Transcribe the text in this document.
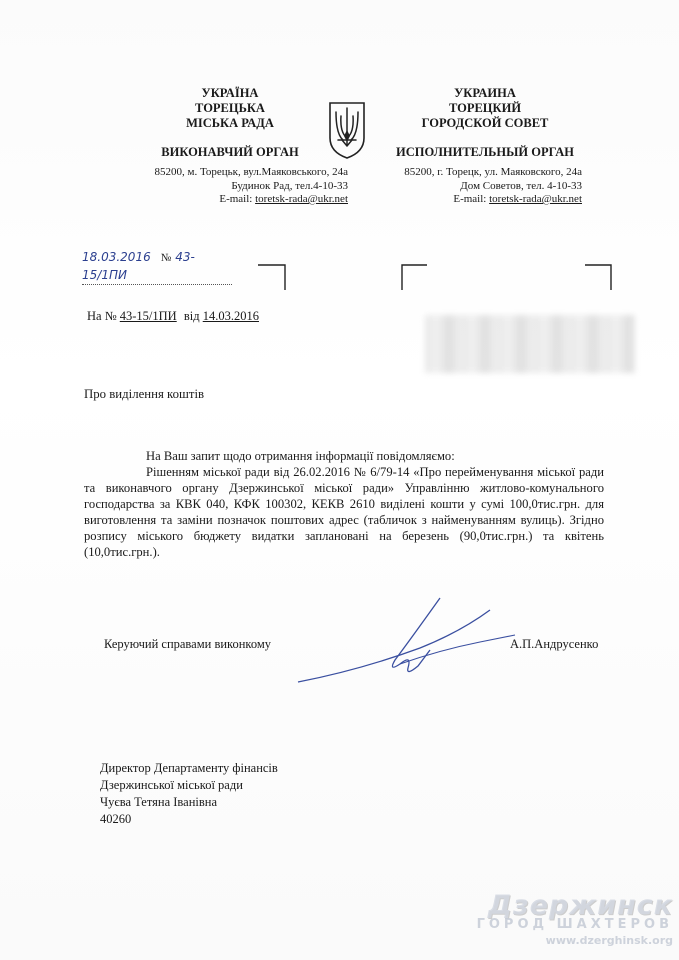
УКРАЇНА
ТОРЕЦЬКА
МІСЬКА РАДА
ВИКОНАВЧИЙ ОРГАН
УКРАИНА
ТОРЕЦКИЙ
ГОРОДСКОЙ СОВЕТ
ИСПОЛНИТЕЛЬНЫЙ ОРГАН
85200, м. Торецьк, вул.Маяковського, 24а
Будинок Рад, тел.4-10-33
E-mail: toretsk-rada@ukr.net
85200, г. Торецк, ул. Маяковского, 24а
Дом Советов, тел. 4-10-33
E-mail: toretsk-rada@ukr.net
18.03.2016 № 43-15/1ПИ
На № 43-15/1ПИ від 14.03.2016
Про виділення коштів

На Ваш запит щодо отримання інформації повідомляємо:

Рішенням міської ради від 26.02.2016 № 6/79-14 «Про перейменування міської ради та виконавчого органу Дзержинської міської ради» Управлінню житлово-комунального господарства за КВК 040, КФК 100302, КЕКВ 2610 виділені кошти у сумі 100,0тис.грн. для виготовлення та заміни позначок поштових адрес (табличок з найменуванням вулиць). Згідно розпису міського бюджету видатки заплановані на березень (90,0тис.грн.) та квітень (10,0тис.грн.).

Керуючий справами виконкому	А.П.Андрусенко
Директор Департаменту фінансів
Дзержинської міської ради
Чуєва Тетяна Іванівна
40260
Дзержинск
ГОРОД ШАХТЕРОВ
www.dzerghinsk.org
